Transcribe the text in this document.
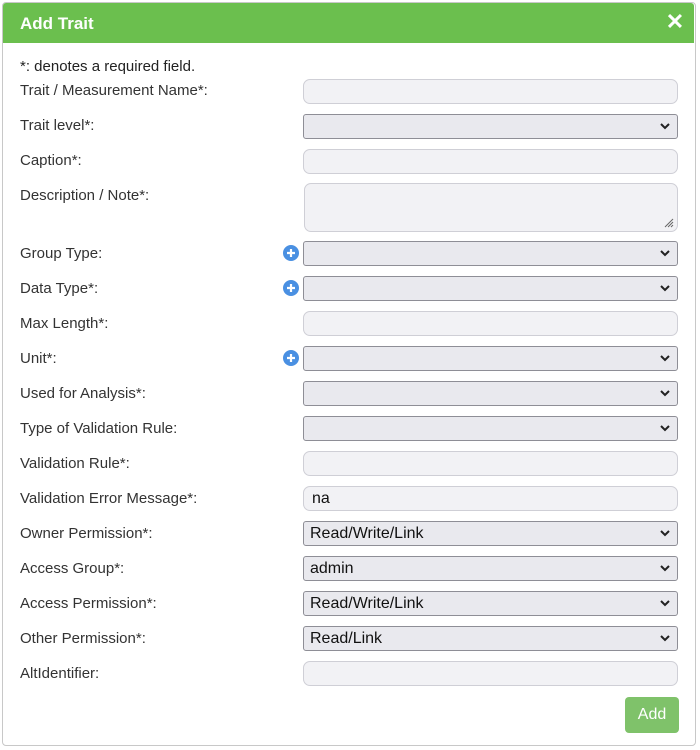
Add Trait	✕
*: denotes a required field.
Trait / Measurement Name*:
Trait level*:
Caption*:
Description / Note*:
Group Type:
Data Type*:
Max Length*:
Unit*:
Used for Analysis*:
Type of Validation Rule:
Validation Rule*:
Validation Error Message*:	na
Owner Permission*:	Read/Write/Link
Access Group*:	admin
Access Permission*:	Read/Write/Link
Other Permission*:	Read/Link
AltIdentifier:
Add
